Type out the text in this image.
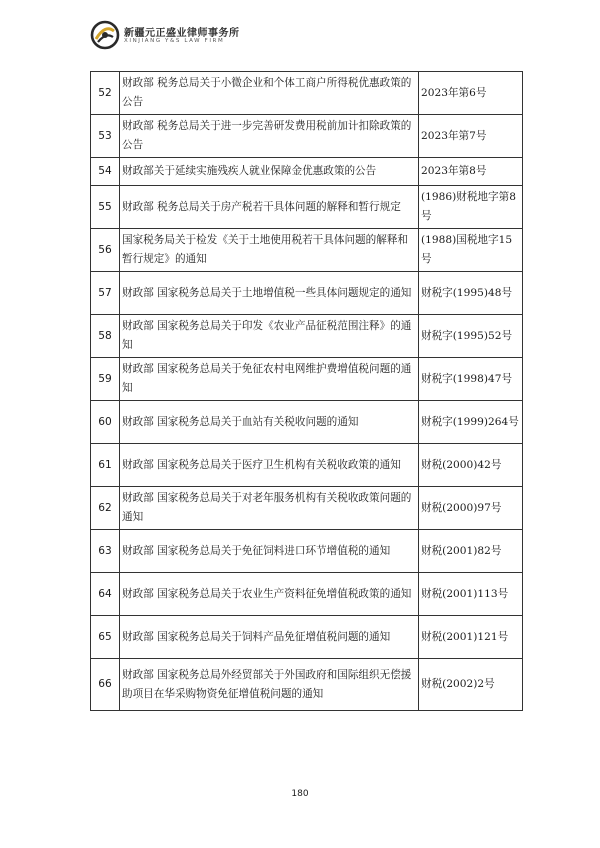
新疆元正盛业律师事务所
XINJIANG Y&S LAW FIRM
52	财政部 税务总局关于小微企业和个体工商户所得税优惠政策的公告	2023年第6号
53	财政部 税务总局关于进一步完善研发费用税前加计扣除政策的公告	2023年第7号
54	财政部关于延续实施残疾人就业保障金优惠政策的公告	2023年第8号
55	财政部 税务总局关于房产税若干具体问题的解释和暂行规定	(1986)财税地字第8号
56	国家税务局关于检发《关于土地使用税若干具体问题的解释和暂行规定》的通知	(1988)国税地字15号
57	财政部 国家税务总局关于土地增值税一些具体问题规定的通知	财税字(1995)48号
58	财政部 国家税务总局关于印发《农业产品征税范围注释》的通知	财税字(1995)52号
59	财政部 国家税务总局关于免征农村电网维护费增值税问题的通知	财税字(1998)47号
60	财政部 国家税务总局关于血站有关税收问题的通知	财税字(1999)264号
61	财政部 国家税务总局关于医疗卫生机构有关税收政策的通知	财税(2000)42号
62	财政部 国家税务总局关于对老年服务机构有关税收政策问题的通知	财税(2000)97号
63	财政部 国家税务总局关于免征饲料进口环节增值税的通知	财税(2001)82号
64	财政部 国家税务总局关于农业生产资料征免增值税政策的通知	财税(2001)113号
65	财政部 国家税务总局关于饲料产品免征增值税问题的通知	财税(2001)121号
66	财政部 国家税务总局外经贸部关于外国政府和国际组织无偿援助项目在华采购物资免征增值税问题的通知	财税(2002)2号
180
